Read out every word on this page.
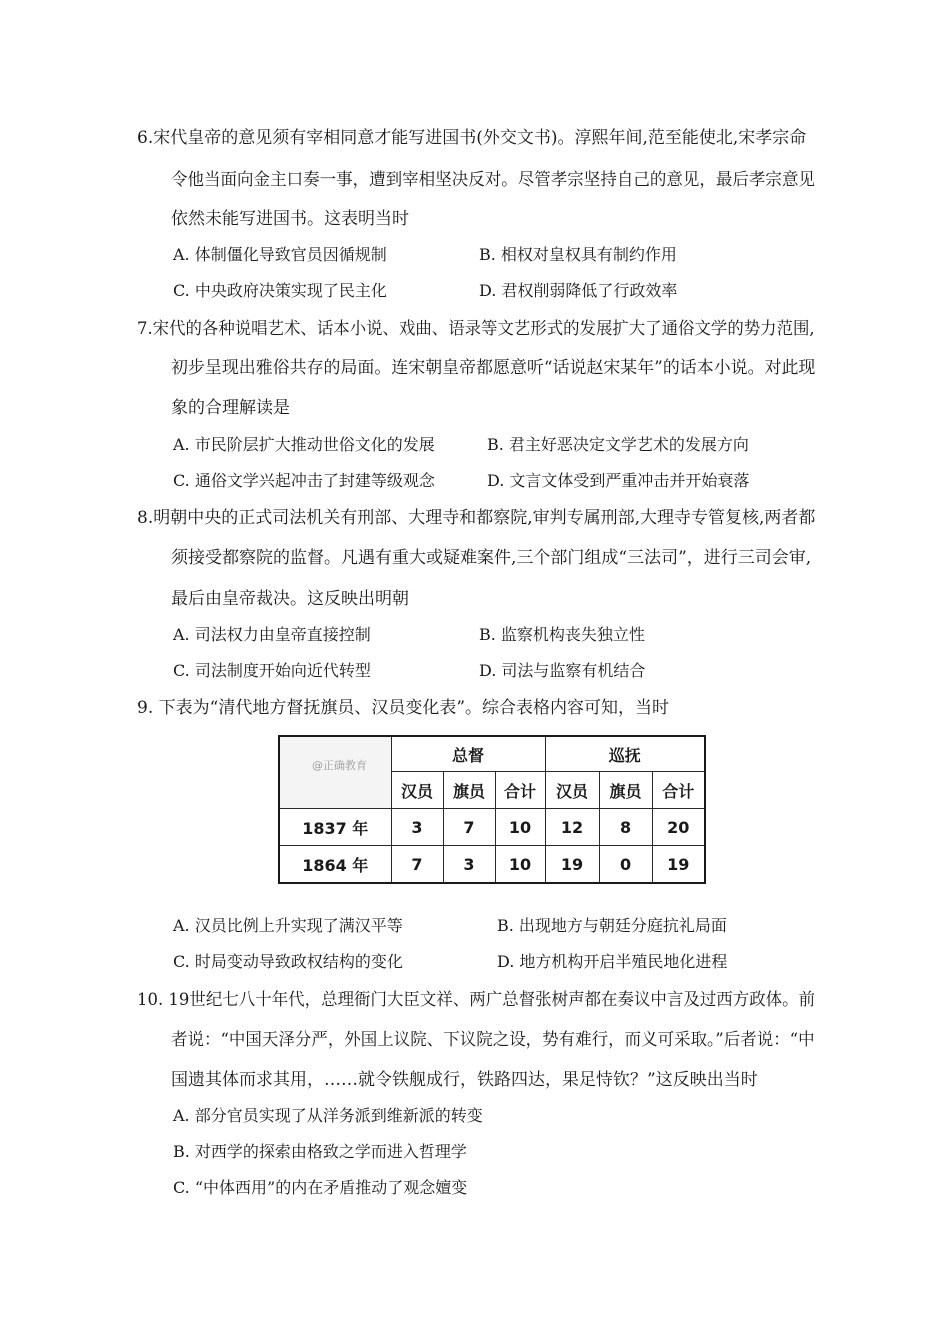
6.宋代皇帝的意见须有宰相同意才能写进国书(外交文书)。淳熙年间,范至能使北,宋孝宗命
令他当面向金主口奏一事，遭到宰相坚决反对。尽管孝宗坚持自己的意见，最后孝宗意见
依然未能写进国书。这表明当时
A. 体制僵化导致官员因循规制	B. 相权对皇权具有制约作用
C. 中央政府决策实现了民主化	D. 君权削弱降低了行政效率
7.宋代的各种说唱艺术、话本小说、戏曲、语录等文艺形式的发展扩大了通俗文学的势力范围,
初步呈现出雅俗共存的局面。连宋朝皇帝都愿意听“话说赵宋某年”的话本小说。对此现
象的合理解读是
A. 市民阶层扩大推动世俗文化的发展	B. 君主好恶决定文学艺术的发展方向
C. 通俗文学兴起冲击了封建等级观念	D. 文言文体受到严重冲击并开始衰落
8.明朝中央的正式司法机关有刑部、大理寺和都察院,审判专属刑部,大理寺专管复核,两者都
须接受都察院的监督。凡遇有重大或疑难案件,三个部门组成“三法司”，进行三司会审,
最后由皇帝裁决。这反映出明朝
A. 司法权力由皇帝直接控制	B. 监察机构丧失独立性
C. 司法制度开始向近代转型	D. 司法与监察有机结合
9. 下表为“清代地方督抚旗员、汉员变化表”。综合表格内容可知，当时
	总督			巡抚		
	汉员	旗员	合计	汉员	旗员	合计
1837 年	3	7	10	12	8	20
1864 年	7	3	10	19	0	19
@正确教育
A. 汉员比例上升实现了满汉平等	B. 出现地方与朝廷分庭抗礼局面
C. 时局变动导致政权结构的变化	D. 地方机构开启半殖民地化进程
10. 19世纪七八十年代，总理衙门大臣文祥、两广总督张树声都在奏议中言及过西方政体。前
者说：“中国天泽分严，外国上议院、下议院之设，势有难行，而义可采取。”后者说：“中
国遗其体而求其用，……就令铁舰成行，铁路四达，果足恃钦？”这反映出当时
A. 部分官员实现了从洋务派到维新派的转变
B. 对西学的探索由格致之学而进入哲理学
C. “中体西用”的内在矛盾推动了观念嬗变
